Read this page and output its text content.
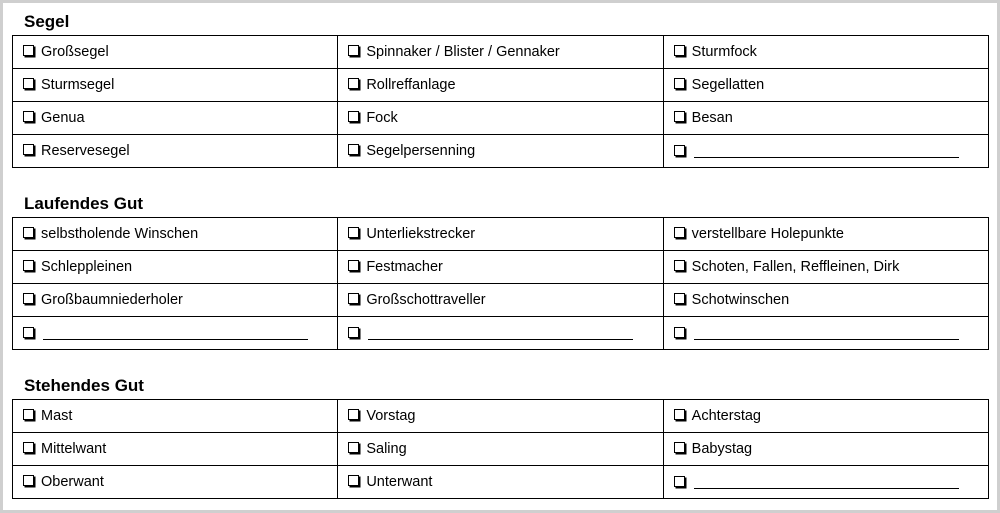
Segel
Großsegel	Spinnaker / Blister / Gennaker	Sturmfock
Sturmsegel	Rollreffanlage	Segellatten
Genua	Fock	Besan
Reservesegel	Segelpersenning	
Laufendes Gut
selbstholende Winschen	Unterliekstrecker	verstellbare Holepunkte
Schleppleinen	Festmacher	Schoten, Fallen, Reffleinen, Dirk
Großbaumniederholer	Großschottraveller	Schotwinschen

Stehendes Gut
Mast	Vorstag	Achterstag
Mittelwant	Saling	Babystag
Oberwant	Unterwant	
